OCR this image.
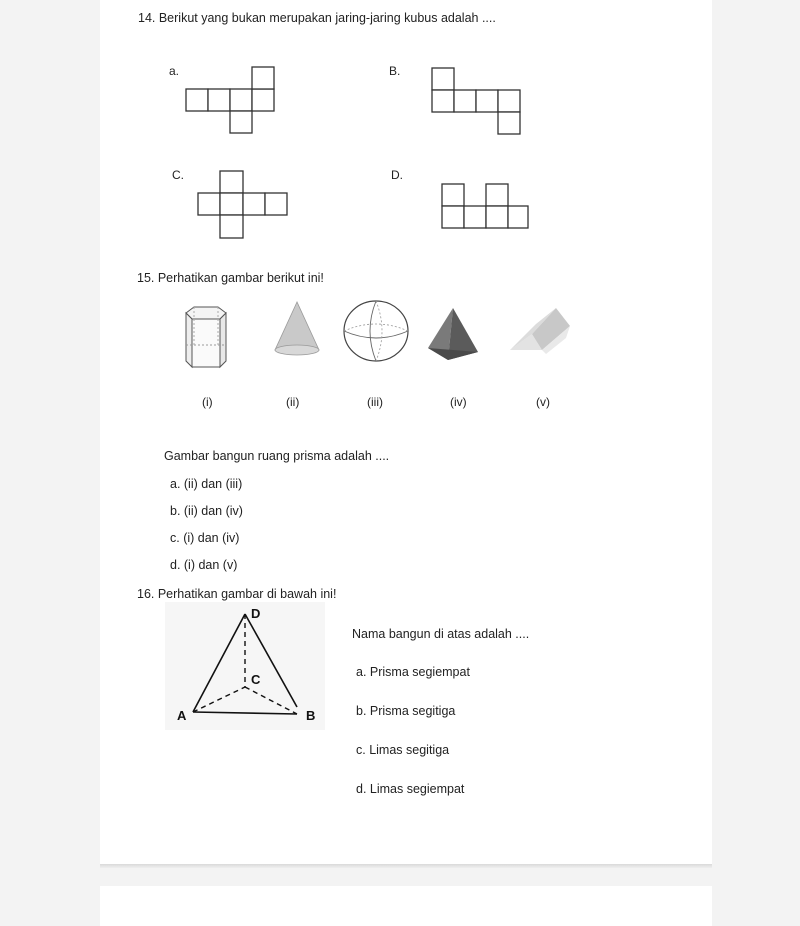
14. Berikut yang bukan merupakan jaring-jaring kubus adalah ....
a.	B.
C.	D.
15. Perhatikan gambar berikut ini!
(i)	(ii)	(iii)	(iv)	(v)
Gambar bangun ruang prisma adalah ....
a. (ii) dan (iii)
b. (ii) dan (iv)
c. (i) dan (iv)
d. (i) dan (v)
16. Perhatikan gambar di bawah ini!
D
C
A	B
Nama bangun di atas adalah ....
a. Prisma segiempat
b. Prisma segitiga
c. Limas segitiga
d. Limas segiempat
